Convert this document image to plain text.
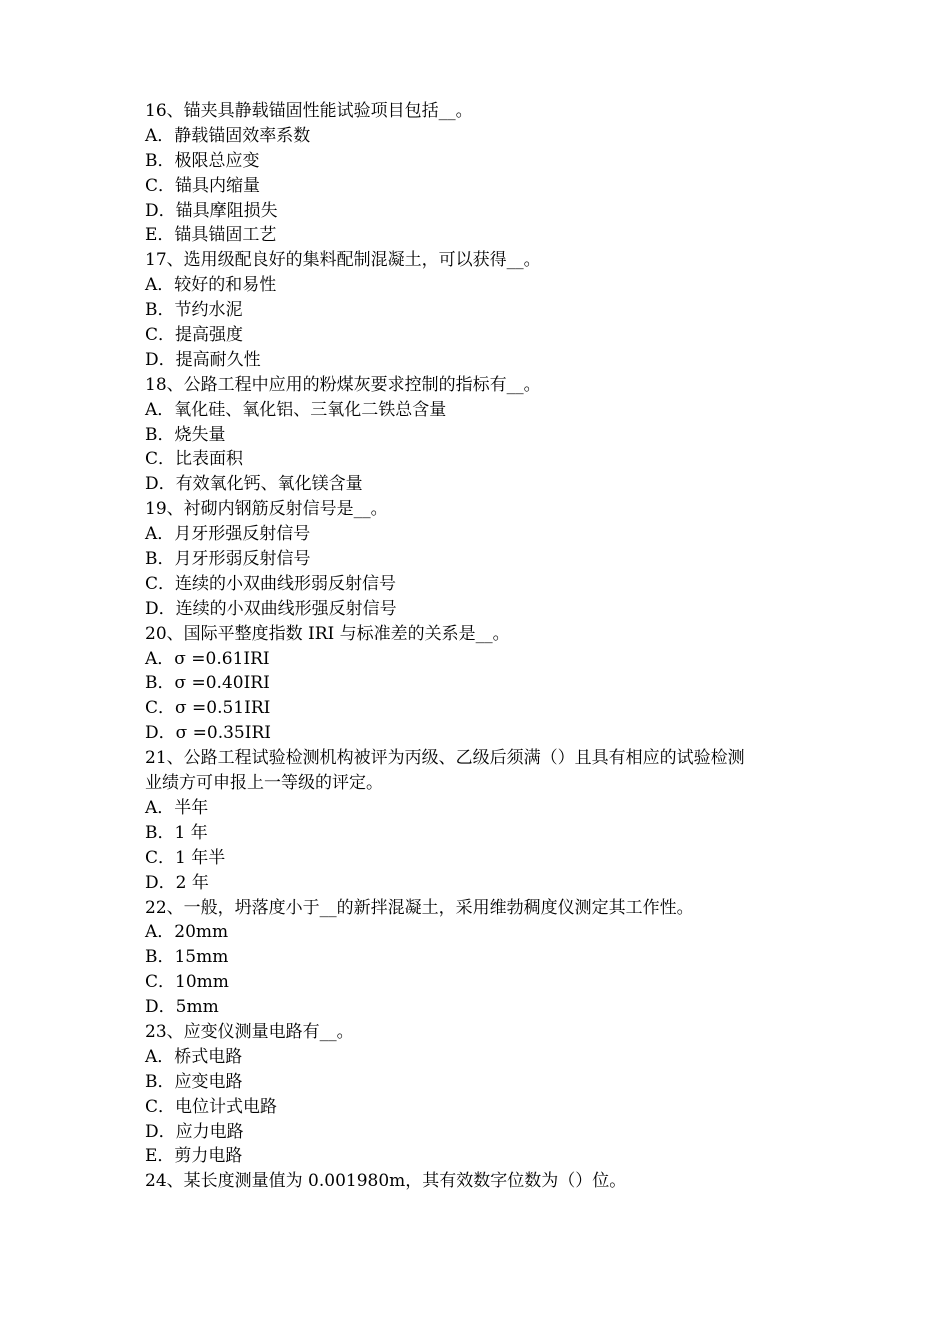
16、锚夹具静载锚固性能试验项目包括__。
A．静载锚固效率系数
B．极限总应变
C．锚具内缩量
D．锚具摩阻损失
E．锚具锚固工艺
17、选用级配良好的集料配制混凝土，可以获得__。
A．较好的和易性
B．节约水泥
C．提高强度
D．提高耐久性
18、公路工程中应用的粉煤灰要求控制的指标有__。
A．氧化硅、氧化铝、三氧化二铁总含量
B．烧失量
C．比表面积
D．有效氧化钙、氧化镁含量
19、衬砌内钢筋反射信号是__。
A．月牙形强反射信号
B．月牙形弱反射信号
C．连续的小双曲线形弱反射信号
D．连续的小双曲线形强反射信号
20、国际平整度指数 IRI 与标准差的关系是__。
A．σ =0.61IRI
B．σ =0.40IRI
C．σ =0.51IRI
D．σ =0.35IRI
21、公路工程试验检测机构被评为丙级、乙级后须满（）且具有相应的试验检测
业绩方可申报上一等级的评定。
A．半年
B．1 年
C．1 年半
D．2 年
22、一般，坍落度小于__的新拌混凝土，采用维勃稠度仪测定其工作性。
A．20mm
B．15mm
C．10mm
D．5mm
23、应变仪测量电路有__。
A．桥式电路
B．应变电路
C．电位计式电路
D．应力电路
E．剪力电路
24、某长度测量值为 0.001980m，其有效数字位数为（）位。
